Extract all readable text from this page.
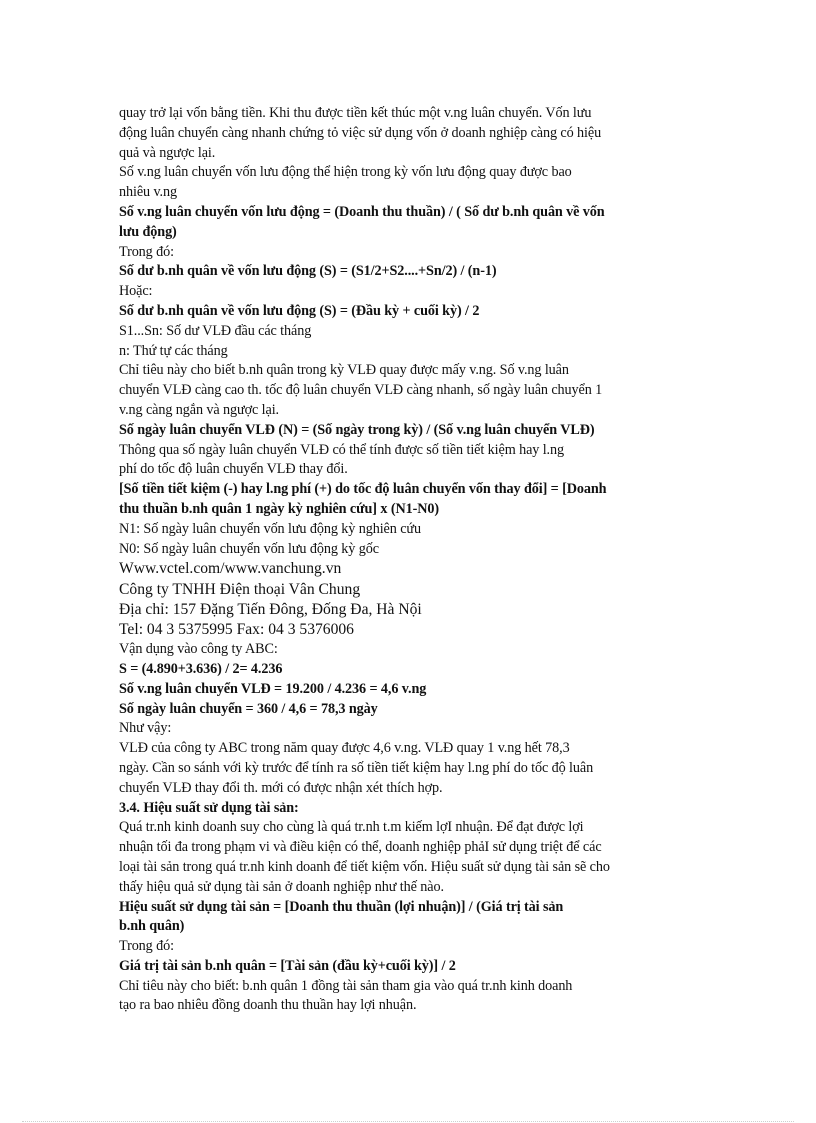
quay trở lại vốn bằng tiền. Khi thu được tiền kết thúc một v.ng luân chuyển. Vốn lưu
động luân chuyển càng nhanh chứng tỏ việc sử dụng vốn ở doanh nghiệp càng có hiệu
quả và ngược lại.
Số v.ng luân chuyển vốn lưu động thể hiện trong kỳ vốn lưu động quay được bao
nhiêu v.ng
Số v.ng luân chuyển vốn lưu động = (Doanh thu thuần) / ( Số dư b.nh quân về vốn
lưu động)
Trong đó:
Số dư b.nh quân về vốn lưu động (S) = (S1/2+S2....+Sn/2) / (n-1)
Hoặc:
Số dư b.nh quân về vốn lưu động (S) = (Đầu kỳ + cuối kỳ) / 2
S1...Sn: Số dư VLĐ đầu các tháng
n: Thứ tự các tháng
Chỉ tiêu này cho biết b.nh quân trong kỳ VLĐ quay được mấy v.ng. Số v.ng luân
chuyển VLĐ càng cao th. tốc độ luân chuyển VLĐ càng nhanh, số ngày luân chuyển 1
v.ng càng ngắn và ngược lại.
Số ngày luân chuyển VLĐ (N) = (Số ngày trong kỳ) / (Số v.ng luân chuyển VLĐ)
Thông qua số ngày luân chuyển VLĐ có thể tính được số tiền tiết kiệm hay l.ng
phí do tốc độ luân chuyển VLĐ thay đổi.
[Số tiền tiết kiệm (-) hay l.ng phí (+) do tốc độ luân chuyển vốn thay đổi] = [Doanh
thu thuần b.nh quân 1 ngày kỳ nghiên cứu] x (N1-N0)
N1: Số ngày luân chuyển vốn lưu động kỳ nghiên cứu
N0: Số ngày luân chuyển vốn lưu động kỳ gốc
Www.vctel.com/www.vanchung.vn
Công ty TNHH Điện thoại Vân Chung
Địa chỉ: 157 Đặng Tiến Đông, Đống Đa, Hà Nội
Tel: 04 3 5375995 Fax: 04 3 5376006
Vận dụng vào công ty ABC:
S = (4.890+3.636) / 2= 4.236
Số v.ng luân chuyển VLĐ = 19.200 / 4.236 = 4,6 v.ng
Số ngày luân chuyển = 360 / 4,6 = 78,3 ngày
Như vậy:
VLĐ của công ty ABC trong năm quay được 4,6 v.ng. VLĐ quay 1 v.ng hết 78,3
ngày. Cần so sánh với kỳ trước để tính ra số tiền tiết kiệm hay l.ng phí do tốc độ luân
chuyển VLĐ thay đổi th. mới có được nhận xét thích hợp.
3.4. Hiệu suất sử dụng tài sản:
Quá tr.nh kinh doanh suy cho cùng là quá tr.nh t.m kiếm lợI nhuận. Để đạt được lợi
nhuận tối đa trong phạm vi và điều kiện có thể, doanh nghiệp phảI sử dụng triệt để các
loại tài sản trong quá tr.nh kinh doanh để tiết kiệm vốn. Hiệu suất sử dụng tài sản sẽ cho
thấy hiệu quả sử dụng tài sản ở doanh nghiệp như thế nào.
Hiệu suất sử dụng tài sản = [Doanh thu thuần (lợi nhuận)] / (Giá trị tài sản
b.nh quân)
Trong đó:
Giá trị tài sản b.nh quân = [Tài sản (đầu kỳ+cuối kỳ)] / 2
Chỉ tiêu này cho biết: b.nh quân 1 đồng tài sản tham gia vào quá tr.nh kinh doanh
tạo ra bao nhiêu đồng doanh thu thuần hay lợi nhuận.
